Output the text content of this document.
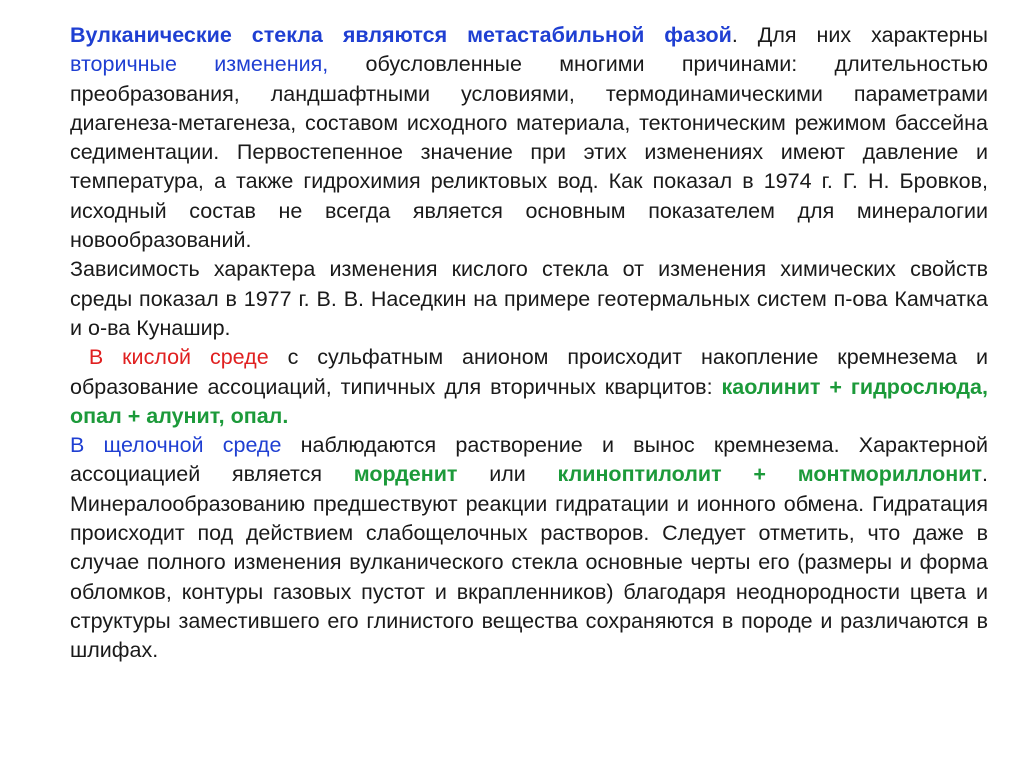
Вулканические стекла являются метастабильной фазой. Для них характерны вторичные изменения, обусловленные многими причинами: длительностью преобразования, ландшафтными условиями, термодинамическими параметрами диагенеза-метагенеза, составом исходного материала, тектоническим режимом бассейна седиментации. Первостепенное значение при этих изменениях имеют давление и температура, а также гидрохимия реликтовых вод. Как показал в 1974 г. Г. Н. Бровков, исходный состав не всегда является основным показателем для минералогии новообразований.

Зависимость характера изменения кислого стекла от изменения химических свойств среды показал в 1977 г. В. В. Наседкин на примере геотермальных систем п-ова Камчатка и о-ва Кунашир.

В кислой среде с сульфатным анионом происходит накопление кремнезема и образование ассоциаций, типичных для вторичных кварцитов: каолинит + гидрослюда, опал + алунит, опал.

В щелочной среде наблюдаются растворение и вынос кремнезема. Характерной ассоциацией является морденит или клиноптилолит + монтмориллонит. Минералообразованию предшествуют реакции гидратации и ионного обмена. Гидратация происходит под действием слабощелочных растворов. Следует отметить, что даже в случае полного изменения вулканического стекла основные черты его (размеры и форма обломков, контуры газовых пустот и вкрапленников) благодаря неоднородности цвета и структуры заместившего его глинистого вещества сохраняются в породе и различаются в шлифах.
